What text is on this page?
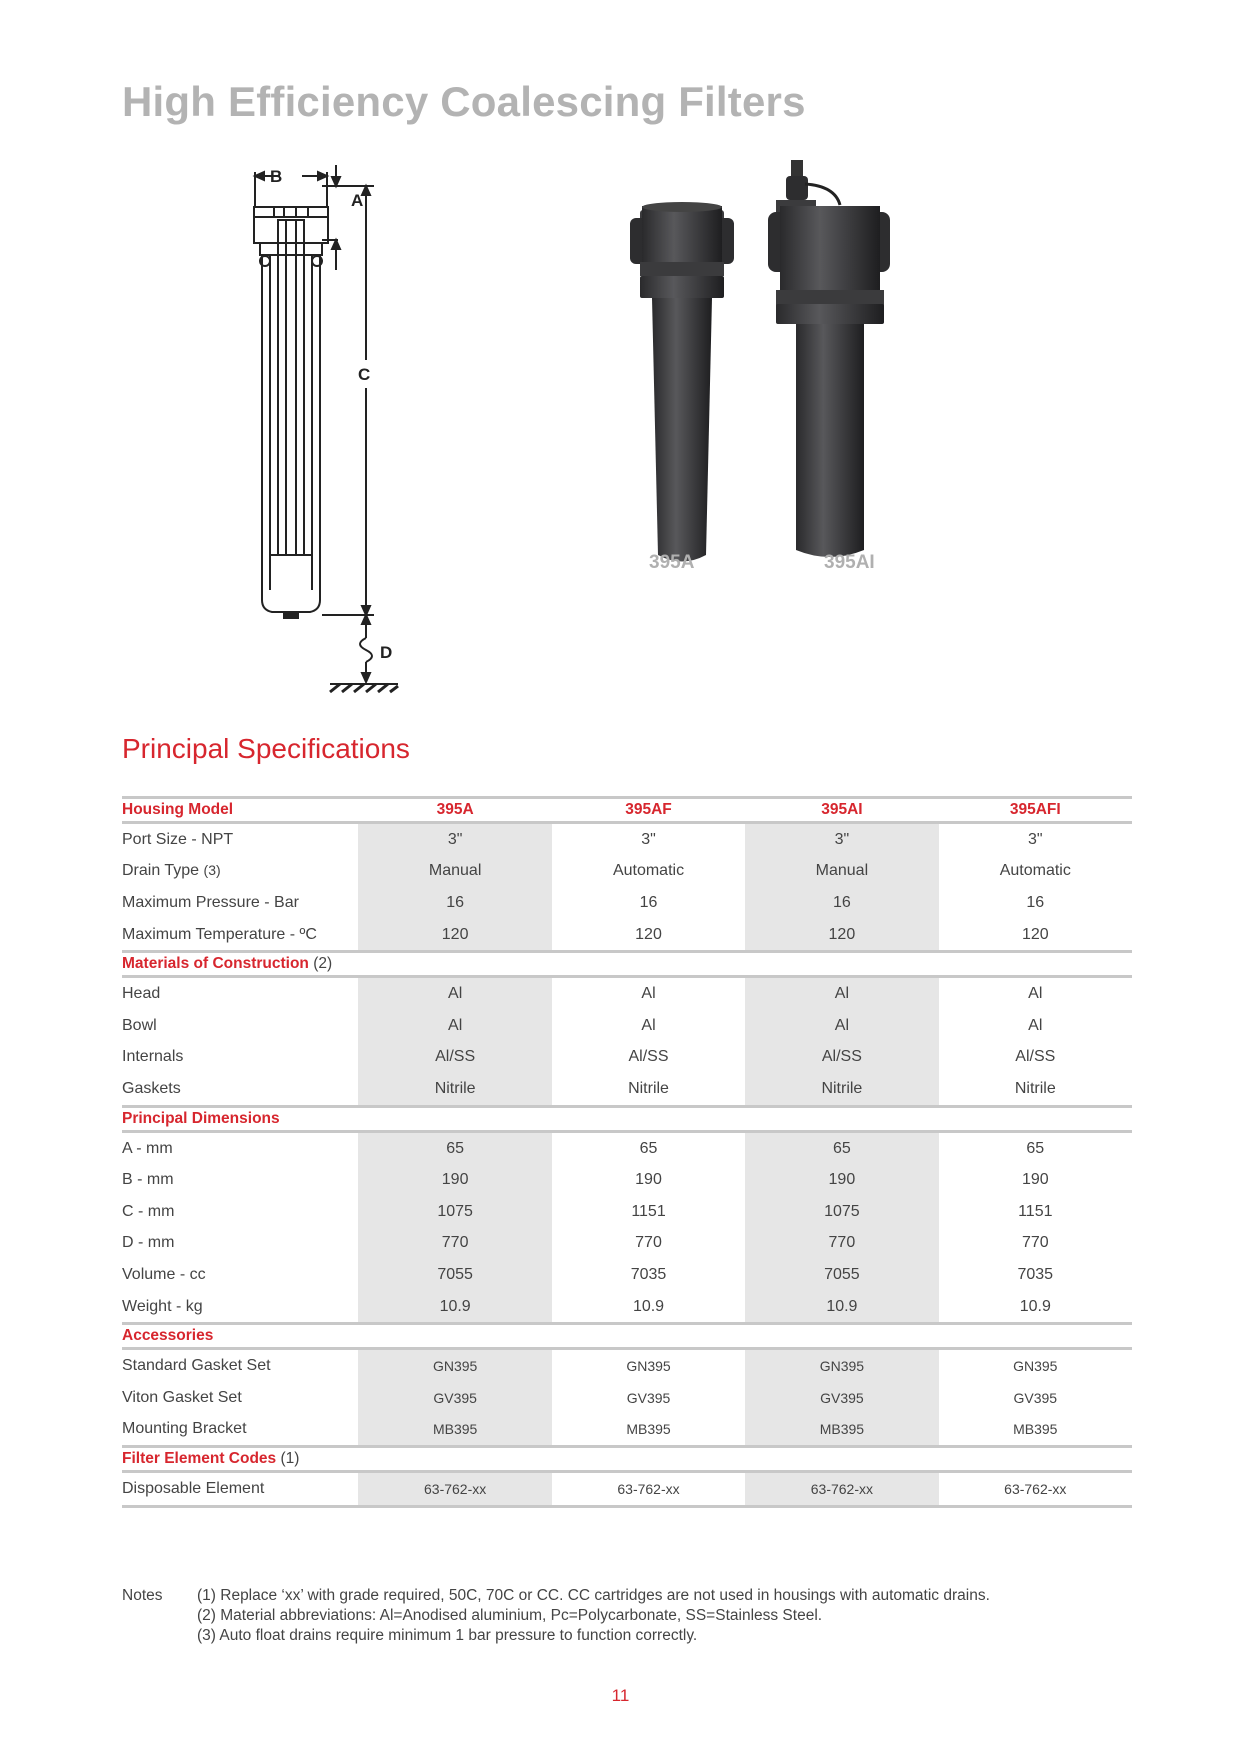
High Efficiency Coalescing Filters
B
A
C
D
395A	395AI
Principal Specifications
Housing Model	395A	395AF	395AI	395AFI
Port Size - NPT	3"	3"	3"	3"
Drain Type (3)	Manual	Automatic	Manual	Automatic
Maximum Pressure - Bar	16	16	16	16
Maximum Temperature - ºC	120	120	120	120
Materials of Construction (2)				
Head	Al	Al	Al	Al
Bowl	Al	Al	Al	Al
Internals	Al/SS	Al/SS	Al/SS	Al/SS
Gaskets	Nitrile	Nitrile	Nitrile	Nitrile
Principal Dimensions				
A - mm	65	65	65	65
B - mm	190	190	190	190
C - mm	1075	1151	1075	1151
D - mm	770	770	770	770
Volume - cc	7055	7035	7055	7035
Weight - kg	10.9	10.9	10.9	10.9
Accessories				
Standard Gasket Set	GN395	GN395	GN395	GN395
Viton Gasket Set	GV395	GV395	GV395	GV395
Mounting Bracket	MB395	MB395	MB395	MB395
Filter Element Codes (1)				
Disposable Element	63-762-xx	63-762-xx	63-762-xx	63-762-xx
Notes (1) Replace ‘xx’ with grade required, 50C, 70C or CC. CC cartridges are not used in housings with automatic drains.
(2) Material abbreviations: Al=Anodised aluminium, Pc=Polycarbonate, SS=Stainless Steel.
(3) Auto float drains require minimum 1 bar pressure to function correctly.
11
